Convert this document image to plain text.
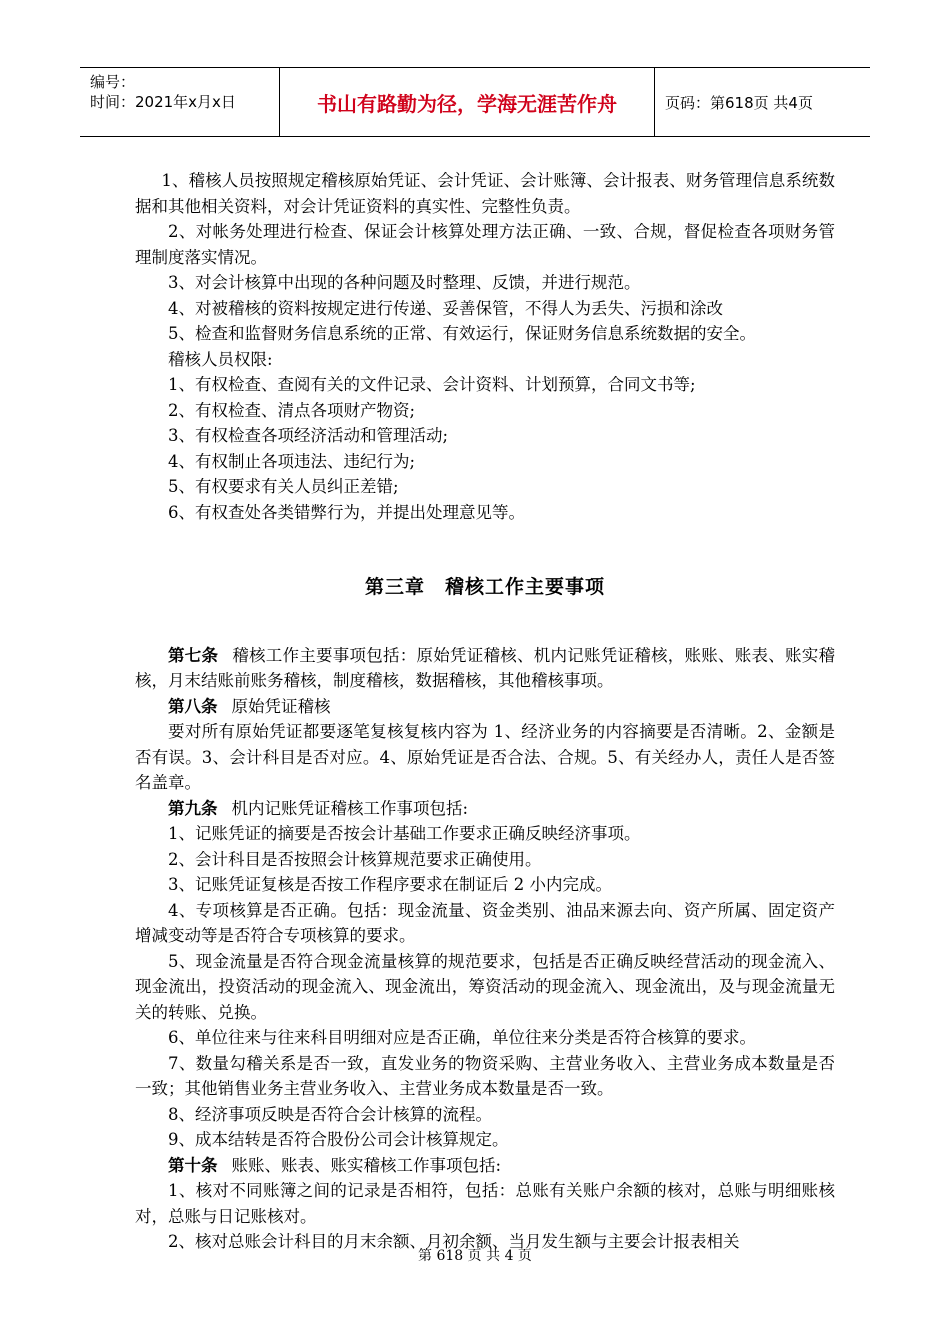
编号：
时间：2021年x月x日	书山有路勤为径，学海无涯苦作舟	页码：第618页 共4页

1、稽核人员按照规定稽核原始凭证、会计凭证、会计账簿、会计报表、财务管理信息系统数据和其他相关资料，对会计凭证资料的真实性、完整性负责。

2、对帐务处理进行检查、保证会计核算处理方法正确、一致、合规，督促检查各项财务管理制度落实情况。

3、对会计核算中出现的各种问题及时整理、反馈，并进行规范。

4、对被稽核的资料按规定进行传递、妥善保管，不得人为丢失、污损和涂改

5、检查和监督财务信息系统的正常、有效运行，保证财务信息系统数据的安全。

稽核人员权限:

1、有权检查、查阅有关的文件记录、会计资料、计划预算，合同文书等;

2、有权检查、清点各项财产物资;

3、有权检查各项经济活动和管理活动;

4、有权制止各项违法、违纪行为;

5、有权要求有关人员纠正差错;

6、有权查处各类错弊行为，并提出处理意见等。

第三章　稽核工作主要事项

第七条 稽核工作主要事项包括：原始凭证稽核、机内记账凭证稽核，账账、账表、账实稽核，月末结账前账务稽核，制度稽核，数据稽核，其他稽核事项。

第八条 原始凭证稽核

要对所有原始凭证都要逐笔复核复核内容为 1、经济业务的内容摘要是否清晰。2、金额是否有误。3、会计科目是否对应。4、原始凭证是否合法、合规。5、有关经办人，责任人是否签名盖章。

第九条 机内记账凭证稽核工作事项包括:

1、记账凭证的摘要是否按会计基础工作要求正确反映经济事项。

2、会计科目是否按照会计核算规范要求正确使用。

3、记账凭证复核是否按工作程序要求在制证后 2 小内完成。

4、专项核算是否正确。包括：现金流量、资金类别、油品来源去向、资产所属、固定资产增减变动等是否符合专项核算的要求。

5、现金流量是否符合现金流量核算的规范要求，包括是否正确反映经营活动的现金流入、现金流出，投资活动的现金流入、现金流出，筹资活动的现金流入、现金流出，及与现金流量无关的转账、兑换。

6、单位往来与往来科目明细对应是否正确，单位往来分类是否符合核算的要求。

7、数量勾稽关系是否一致，直发业务的物资采购、主营业务收入、主营业务成本数量是否一致；其他销售业务主营业务收入、主营业务成本数量是否一致。

8、经济事项反映是否符合会计核算的流程。

9、成本结转是否符合股份公司会计核算规定。

第十条 账账、账表、账实稽核工作事项包括:

1、核对不同账簿之间的记录是否相符，包括：总账有关账户余额的核对，总账与明细账核对，总账与日记账核对。

2、核对总账会计科目的月末余额、月初余额、当月发生额与主要会计报表相关

第 618 页 共 4 页
